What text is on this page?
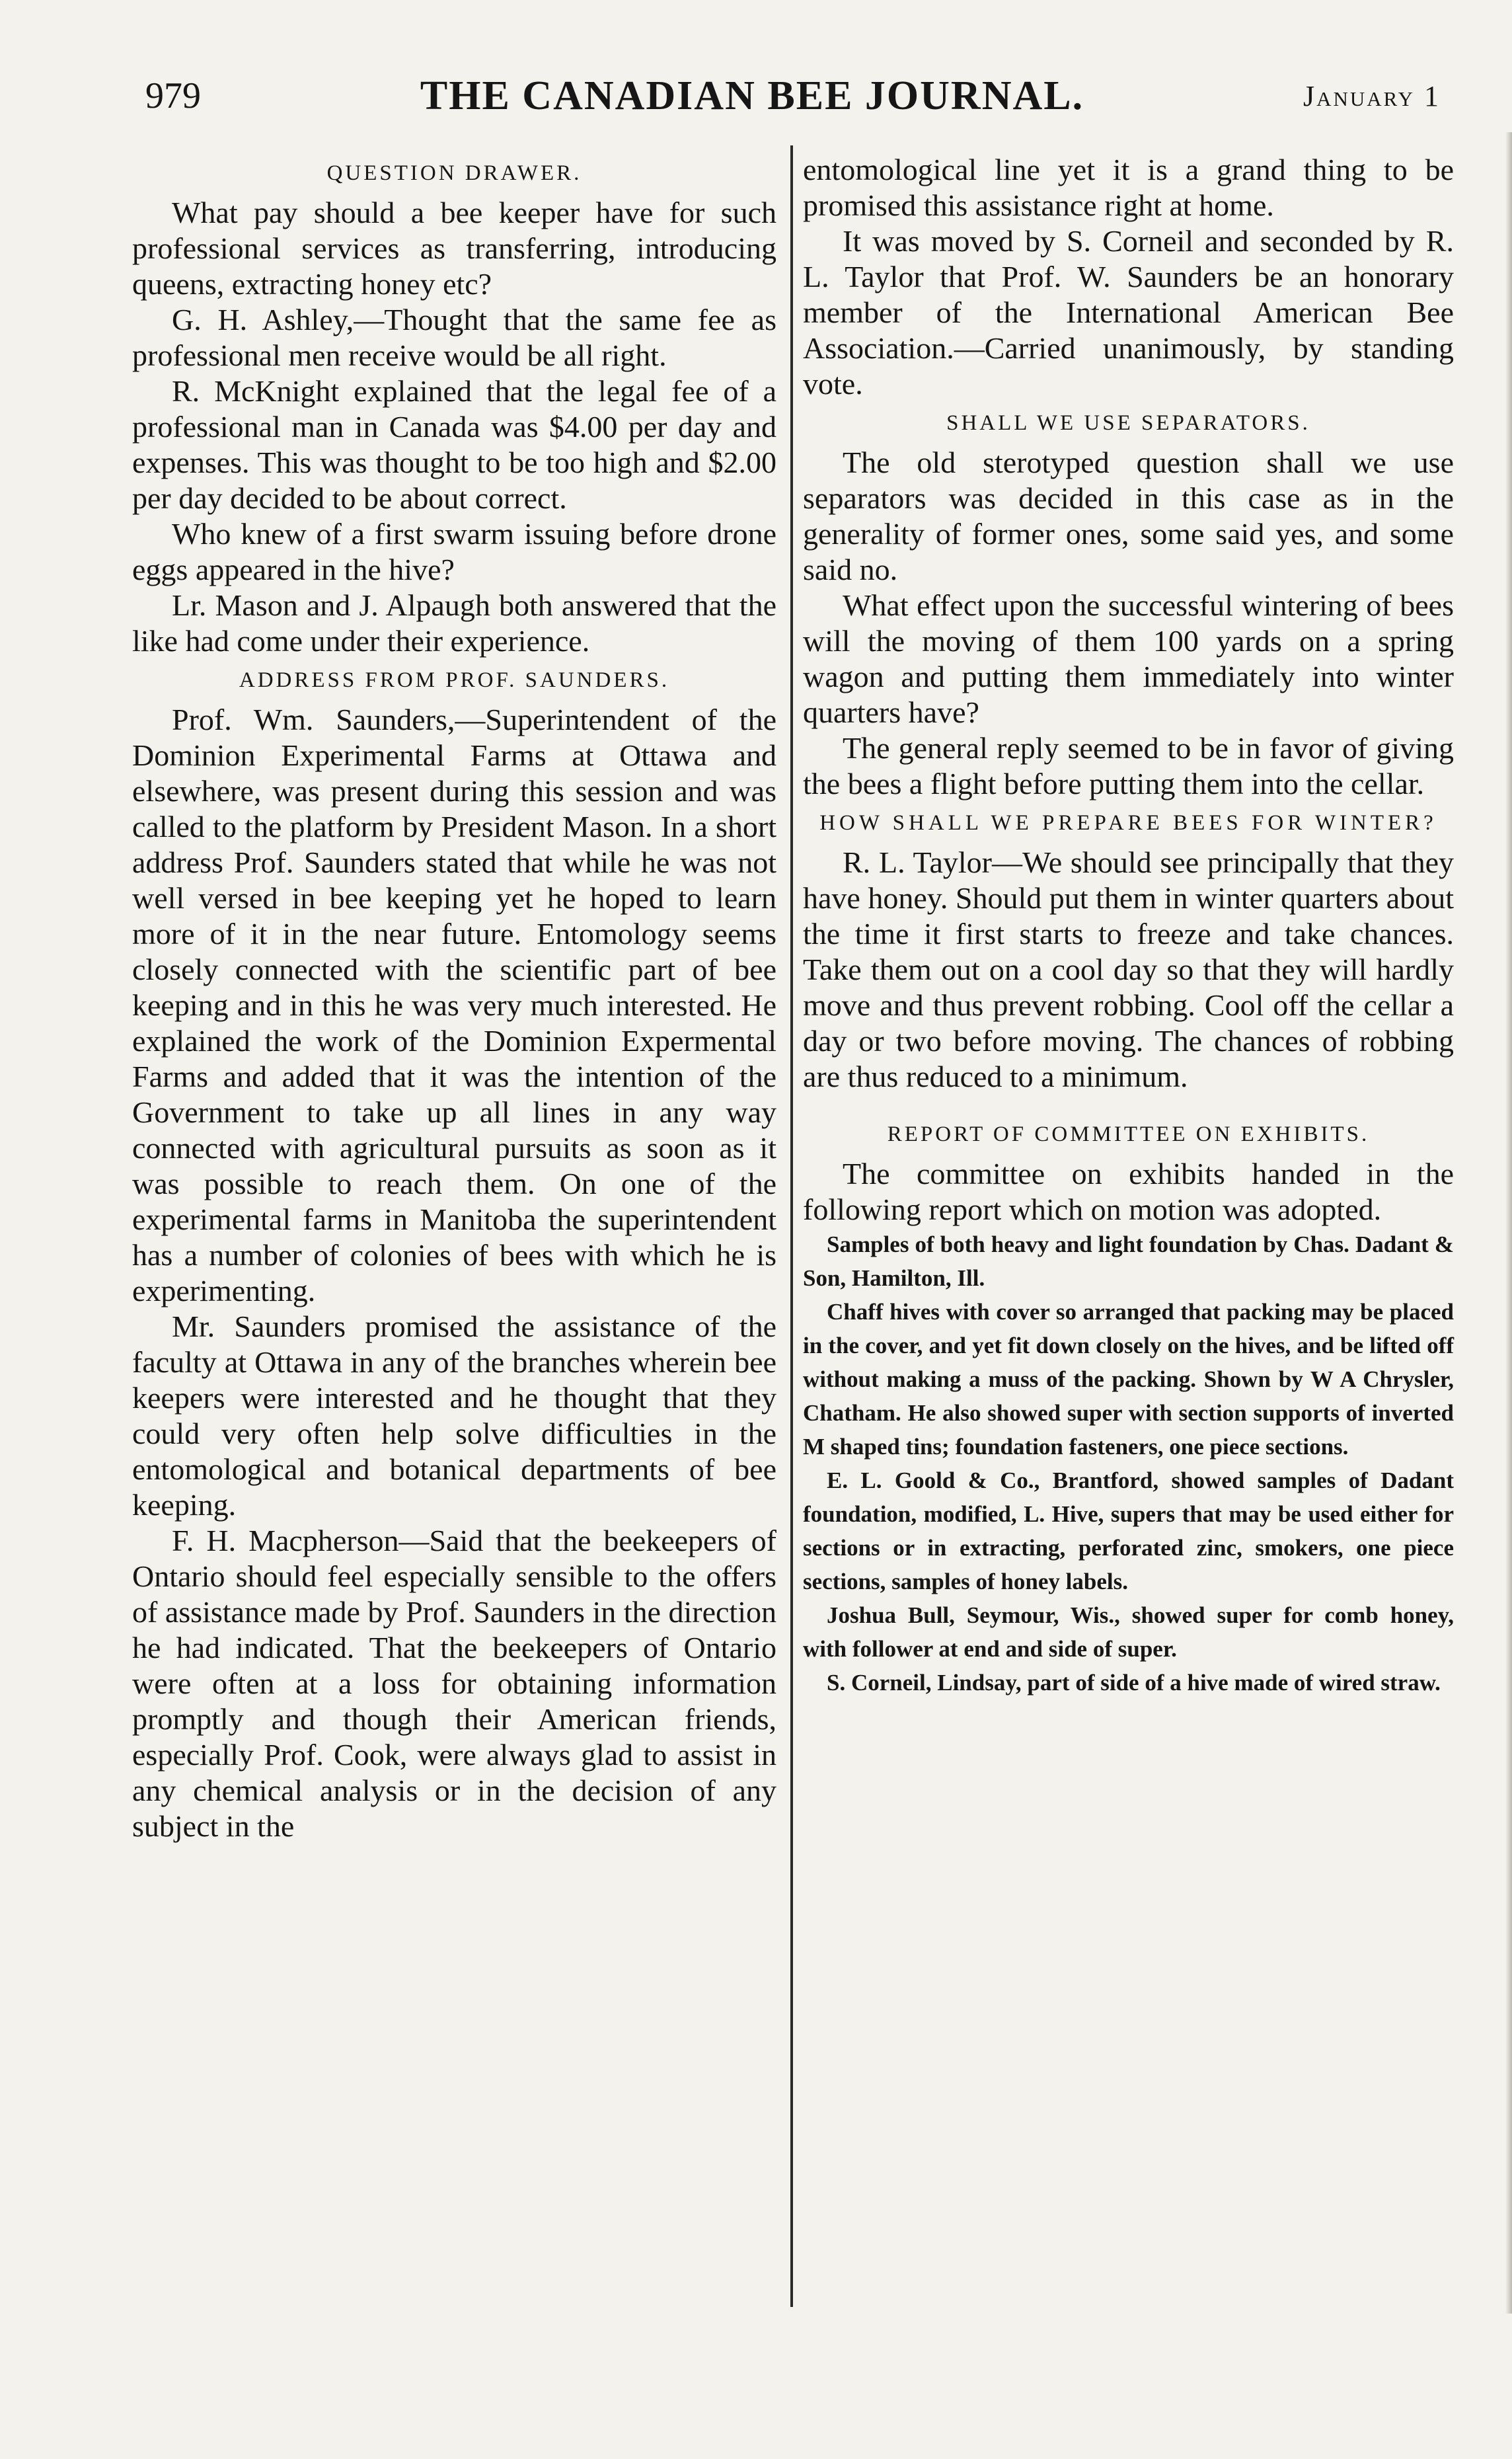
979	THE CANADIAN BEE JOURNAL.	January 1
QUESTION DRAWER.

What pay should a bee keeper have for such professional services as transferring, introducing queens, extracting honey etc?

G. H. Ashley,—Thought that the same fee as professional men receive would be all right.

R. McKnight explained that the legal fee of a professional man in Canada was $4.00 per day and expenses. This was thought to be too high and $2.00 per day decided to be about correct.

Who knew of a first swarm issuing before drone eggs appeared in the hive?

Lr. Mason and J. Alpaugh both answered that the like had come under their experience.

ADDRESS FROM PROF. SAUNDERS.

Prof. Wm. Saunders,—Superintendent of the Dominion Experimental Farms at Ottawa and elsewhere, was present during this session and was called to the platform by President Mason. In a short address Prof. Saunders stated that while he was not well versed in bee keeping yet he hoped to learn more of it in the near future. Entomology seems closely connected with the scientific part of bee keeping and in this he was very much interested. He explained the work of the Dominion Expermental Farms and added that it was the intention of the Government to take up all lines in any way connected with agricultural pursuits as soon as it was possible to reach them. On one of the experimental farms in Manitoba the superintendent has a number of colonies of bees with which he is experimenting.

Mr. Saunders promised the assistance of the faculty at Ottawa in any of the branches wherein bee keepers were interested and he thought that they could very often help solve difficulties in the entomological and botanical departments of bee keeping.

F. H. Macpherson—Said that the beekeepers of Ontario should feel especially sensible to the offers of assistance made by Prof. Saunders in the direction he had indicated. That the beekeepers of Ontario were often at a loss for obtaining information promptly and though their American friends, especially Prof. Cook, were always glad to assist in any chemical analysis or in the decision of any subject in the

entomological line yet it is a grand thing to be promised this assistance right at home.

It was moved by S. Corneil and seconded by R. L. Taylor that Prof. W. Saunders be an honorary member of the International American Bee Association.—Carried unanimously, by standing vote.

SHALL WE USE SEPARATORS.

The old sterotyped question shall we use separators was decided in this case as in the generality of former ones, some said yes, and some said no.

What effect upon the successful wintering of bees will the moving of them 100 yards on a spring wagon and putting them immediately into winter quarters have?

The general reply seemed to be in favor of giving the bees a flight before putting them into the cellar.

HOW SHALL WE PREPARE BEES FOR WINTER?

R. L. Taylor—We should see principally that they have honey. Should put them in winter quarters about the time it first starts to freeze and take chances. Take them out on a cool day so that they will hardly move and thus prevent robbing. Cool off the cellar a day or two before moving. The chances of robbing are thus reduced to a minimum.

REPORT OF COMMITTEE ON EXHIBITS.

The committee on exhibits handed in the following report which on motion was adopted.

Samples of both heavy and light foundation by Chas. Dadant & Son, Hamilton, Ill.

Chaff hives with cover so arranged that packing may be placed in the cover, and yet fit down closely on the hives, and be lifted off without making a muss of the packing. Shown by W A Chrysler, Chatham. He also showed super with section supports of inverted M shaped tins; foundation fasteners, one piece sections.

E. L. Goold & Co., Brantford, showed samples of Dadant foundation, modified, L. Hive, supers that may be used either for sections or in extracting, perforated zinc, smokers, one piece sections, samples of honey labels.

Joshua Bull, Seymour, Wis., showed super for comb honey, with follower at end and side of super.

S. Corneil, Lindsay, part of side of a hive made of wired straw.
